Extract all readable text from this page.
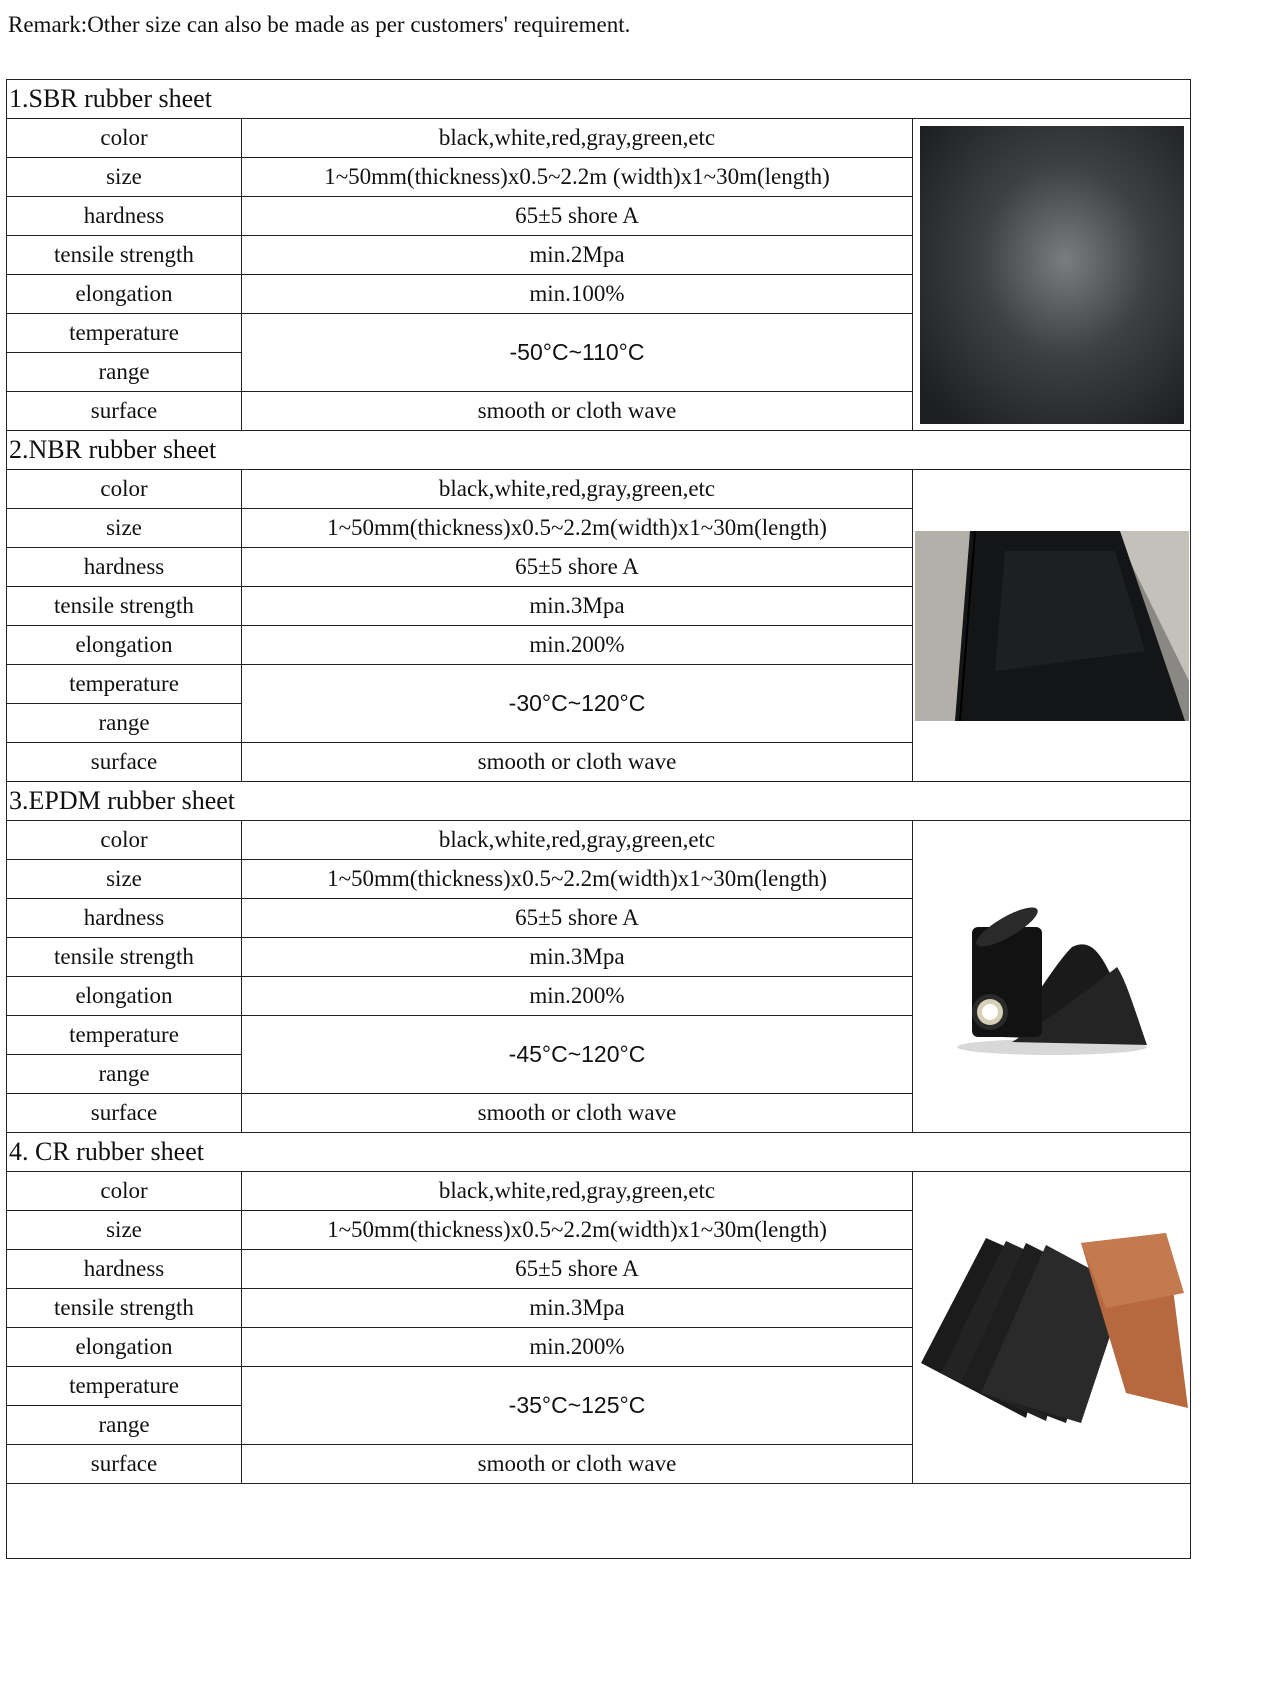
Remark:Other size can also be made as per customers' requirement.
1.SBR rubber sheet		
color	black,white,red,gray,green,etc	

size	1~50mm(thickness)x0.5~2.2m (width)x1~30m(length)	
hardness	65±5 shore A	
tensile strength	min.2Mpa	
elongation	min.100%	
temperature	-50°C~110°C	
range		
surface	smooth or cloth wave	
2.NBR rubber sheet		
color	black,white,red,gray,green,etc	

size	1~50mm(thickness)x0.5~2.2m(width)x1~30m(length)	
hardness	65±5 shore A	
tensile strength	min.3Mpa	
elongation	min.200%	
temperature	-30°C~120°C	
range		
surface	smooth or cloth wave	
3.EPDM rubber sheet		
color	black,white,red,gray,green,etc	

size	1~50mm(thickness)x0.5~2.2m(width)x1~30m(length)	
hardness	65±5 shore A	
tensile strength	min.3Mpa	
elongation	min.200%	
temperature	-45°C~120°C	
range		
surface	smooth or cloth wave	
4. CR rubber sheet		
color	black,white,red,gray,green,etc	

size	1~50mm(thickness)x0.5~2.2m(width)x1~30m(length)	
hardness	65±5 shore A	
tensile strength	min.3Mpa	
elongation	min.200%	
temperature	-35°C~125°C	
range		
surface	smooth or cloth wave	
